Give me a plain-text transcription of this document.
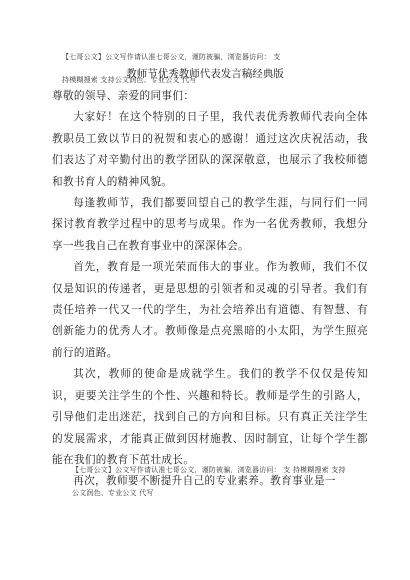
【七哥公文】公文写作请认准七哥公文，谨防被骗，浏览器访问： 支
持模糊搜索 支持公文润色、专业公文 代写
教师节优秀教师代表发言稿经典版

尊敬的领导、亲爱的同事们：

大家好！在这个特别的日子里，我代表优秀教师代表向全体教职员工致以节日的祝贺和衷心的感谢！通过这次庆祝活动，我们表达了对辛勤付出的教学团队的深深敬意，也展示了我校师德和教书育人的精神风貌。

每逢教师节，我们都要回望自己的教学生涯，与同行们一同探讨教育教学过程中的思考与成果。作为一名优秀教师，我想分享一些我自己在教育事业中的深深体会。

首先，教育是一项光荣而伟大的事业。作为教师，我们不仅仅是知识的传递者，更是思想的引领者和灵魂的引导者。我们有责任培养一代又一代的学生，为社会培养出有道德、有智慧、有创新能力的优秀人才。教师像是点亮黑暗的小太阳，为学生照亮前行的道路。

其次，教师的使命是成就学生。我们的教学不仅仅是传知识，更要关注学生的个性、兴趣和特长。教师是学生的引路人，引导他们走出迷茫，找到自己的方向和目标。只有真正关注学生的发展需求，才能真正做到因材施教、因时制宜，让每个学生都能在我们的教育下茁壮成长。

再次，教师要不断提升自己的专业素养。教育事业是一

【七哥公文】公文写作请认准七哥公文，谨防被骗，浏览器访问： 支 持模糊搜索 支持
公文润色、专业公文 代写
